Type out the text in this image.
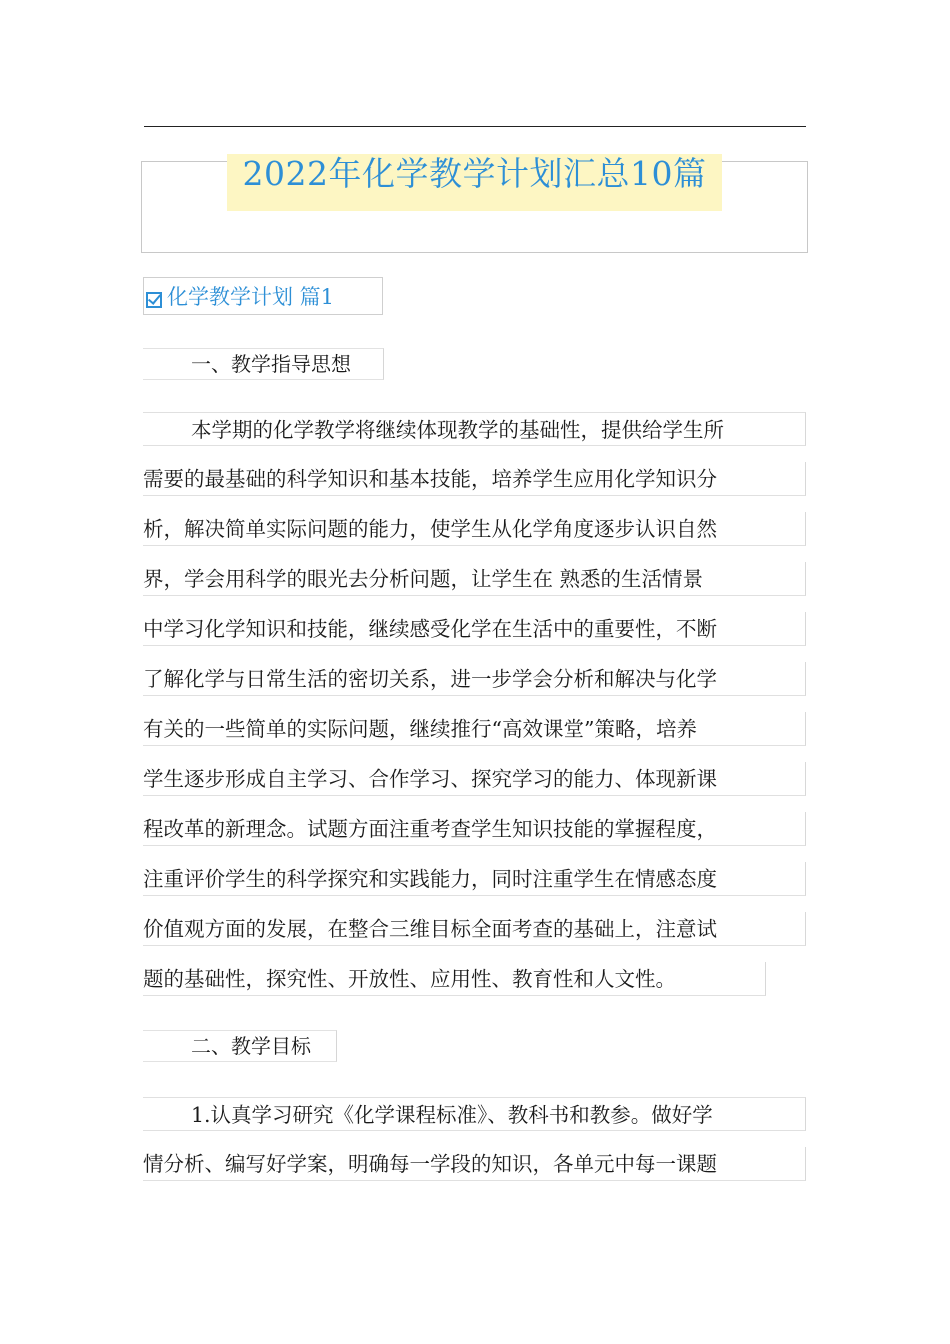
2022年化学教学计划汇总10篇
化学教学计划 篇1
一、教学指导思想
本学期的化学教学将继续体现教学的基础性，提供给学生所
需要的最基础的科学知识和基本技能，培养学生应用化学知识分
析，解决简单实际问题的能力，使学生从化学角度逐步认识自然
界，学会用科学的眼光去分析问题，让学生在 熟悉的生活情景
中学习化学知识和技能，继续感受化学在生活中的重要性，不断
了解化学与日常生活的密切关系，进一步学会分析和解决与化学
有关的一些简单的实际问题，继续推行“高效课堂”策略，培养
学生逐步形成自主学习、合作学习、探究学习的能力、体现新课
程改革的新理念。试题方面注重考查学生知识技能的掌握程度，
注重评价学生的科学探究和实践能力，同时注重学生在情感态度
价值观方面的发展，在整合三维目标全面考查的基础上，注意试
题的基础性，探究性、开放性、应用性、教育性和人文性。
二、教学目标
1.认真学习研究《化学课程标准》、教科书和教参。做好学
情分析、编写好学案，明确每一学段的知识，各单元中每一课题
